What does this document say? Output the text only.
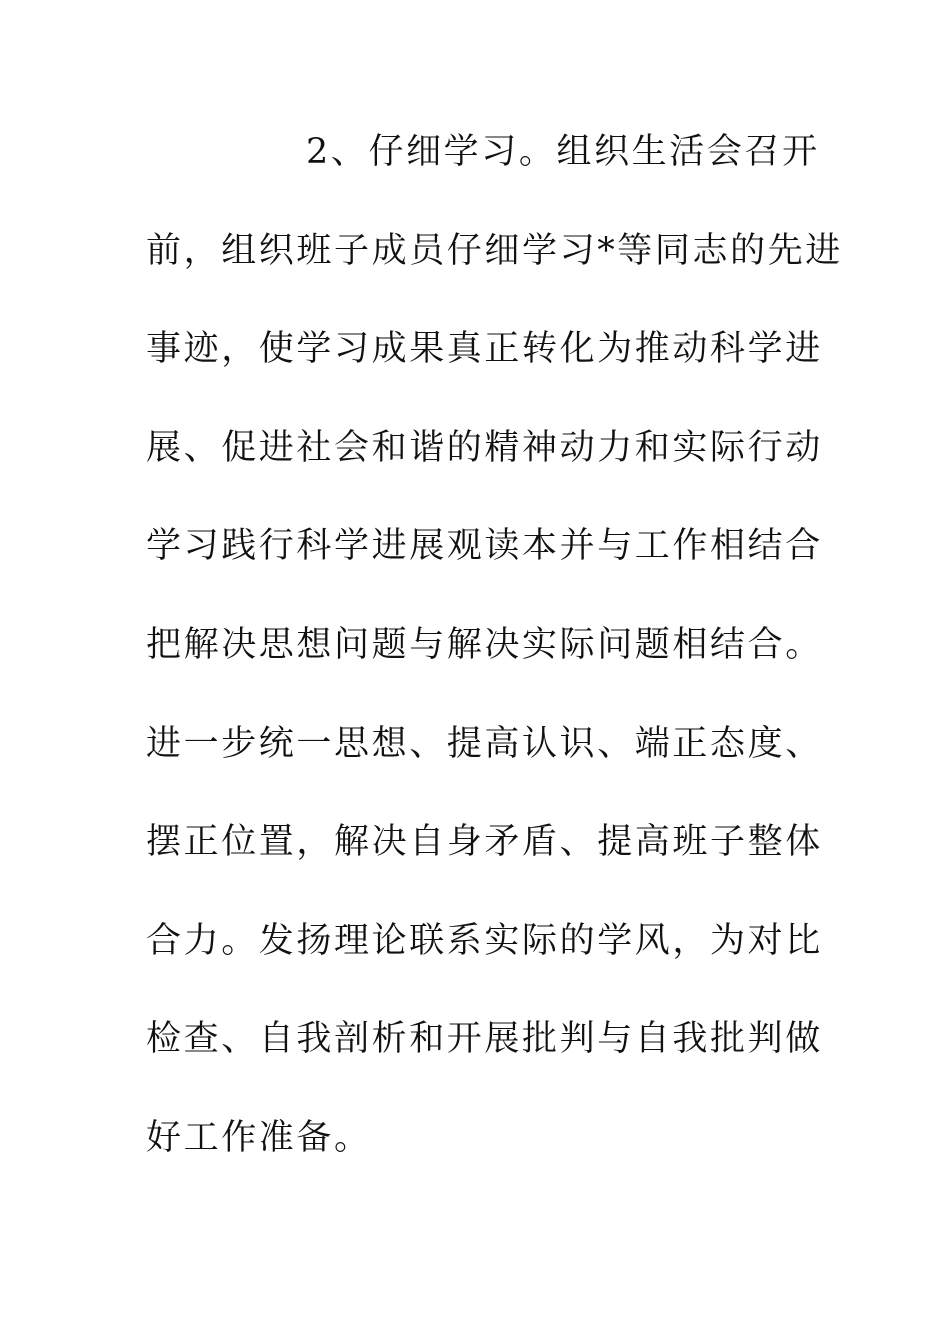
2、仔细学习。组织生活会召开
前，组织班子成员仔细学习*等同志的先进
事迹，使学习成果真正转化为推动科学进
展、促进社会和谐的精神动力和实际行动
学习践行科学进展观读本并与工作相结合
把解决思想问题与解决实际问题相结合。
进一步统一思想、提高认识、端正态度、
摆正位置，解决自身矛盾、提高班子整体
合力。发扬理论联系实际的学风，为对比
检查、自我剖析和开展批判与自我批判做
好工作准备。
